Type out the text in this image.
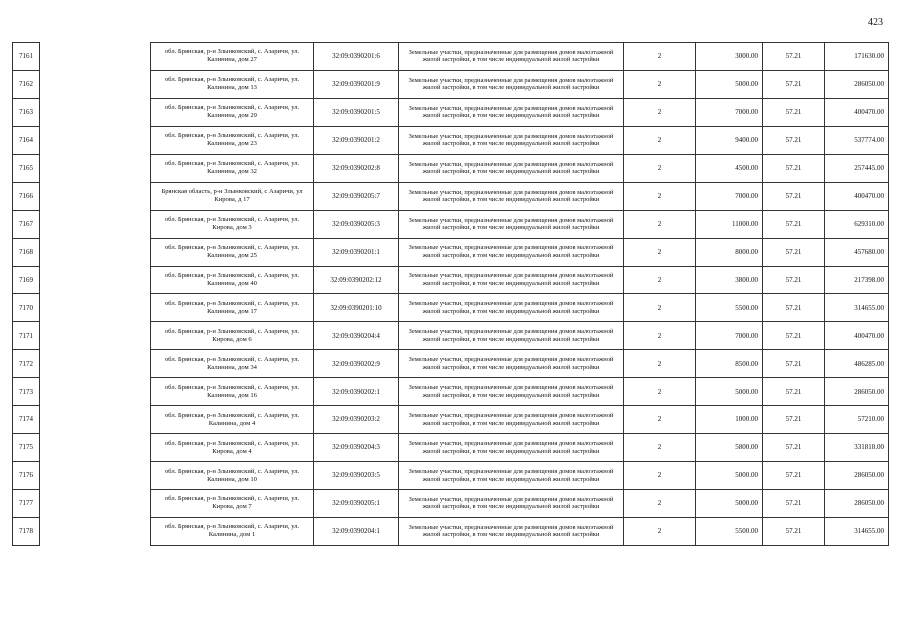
423
7161		обл. Брянская, р-н Злынковский, с. Азаричи, ул. Калинина, дом 27	32:09:0390201:6	Земельные участки, предназначенные для размещения домов малоэтажной жилой застройки, в том числе индивидуальной жилой застройки	2	3000.00	57.21	171630.00
7162		обл. Брянская, р-н Злынковский, с. Азаричи, ул. Калинина, дом 13	32:09:0390201:9	Земельные участки, предназначенные для размещения домов малоэтажной жилой застройки, в том числе индивидуальной жилой застройки	2	5000.00	57.21	286050.00
7163		обл. Брянская, р-н Злынковский, с. Азаричи, ул. Калинина, дом 29	32:09:0390201:5	Земельные участки, предназначенные для размещения домов малоэтажной жилой застройки, в том числе индивидуальной жилой застройки	2	7000.00	57.21	400470.00
7164		обл. Брянская, р-н Злынковский, с. Азаричи, ул. Калинина, дом 23	32:09:0390201:2	Земельные участки, предназначенные для размещения домов малоэтажной жилой застройки, в том числе индивидуальной жилой застройки	2	9400.00	57.21	537774.00
7165		обл. Брянская, р-н Злынковский, с. Азаричи, ул. Калинина, дом 32	32:09:0390202:8	Земельные участки, предназначенные для размещения домов малоэтажной жилой застройки, в том числе индивидуальной жилой застройки	2	4500.00	57.21	257445.00
7166		Брянская область, р-н Злынковский, с Азаричи, ул Кирова, д 17	32:09:0390205:7	Земельные участки, предназначенные для размещения домов малоэтажной жилой застройки, в том числе индивидуальной жилой застройки	2	7000.00	57.21	400470.00
7167		обл. Брянская, р-н Злынковский, с. Азаричи, ул. Кирова, дом 3	32:09:0390205:3	Земельные участки, предназначенные для размещения домов малоэтажной жилой застройки, в том числе индивидуальной жилой застройки	2	11000.00	57.21	629310.00
7168		обл. Брянская, р-н Злынковский, с. Азаричи, ул. Калинина, дом 25	32:09:0390201:1	Земельные участки, предназначенные для размещения домов малоэтажной жилой застройки, в том числе индивидуальной жилой застройки	2	8000.00	57.21	457680.00
7169		обл. Брянская, р-н Злынковский, с. Азаричи, ул. Калинина, дом 40	32:09:0390202:12	Земельные участки, предназначенные для размещения домов малоэтажной жилой застройки, в том числе индивидуальной жилой застройки	2	3800.00	57.21	217398.00
7170		обл. Брянская, р-н Злынковский, с. Азаричи, ул. Калинина, дом 17	32:09:0390201:10	Земельные участки, предназначенные для размещения домов малоэтажной жилой застройки, в том числе индивидуальной жилой застройки	2	5500.00	57.21	314655.00
7171		обл. Брянская, р-н Злынковский, с. Азаричи, ул. Кирова, дом 6	32:09:0390204:4	Земельные участки, предназначенные для размещения домов малоэтажной жилой застройки, в том числе индивидуальной жилой застройки	2	7000.00	57.21	400470.00
7172		обл. Брянская, р-н Злынковский, с. Азаричи, ул. Калинина, дом 34	32:09:0390202:9	Земельные участки, предназначенные для размещения домов малоэтажной жилой застройки, в том числе индивидуальной жилой застройки	2	8500.00	57.21	486285.00
7173		обл. Брянская, р-н Злынковский, с. Азаричи, ул. Калинина, дом 16	32:09:0390202:1	Земельные участки, предназначенные для размещения домов малоэтажной жилой застройки, в том числе индивидуальной жилой застройки	2	5000.00	57.21	286050.00
7174		обл. Брянская, р-н Злынковский, с. Азаричи, ул. Калинина, дом 4	32:09:0390203:2	Земельные участки, предназначенные для размещения домов малоэтажной жилой застройки, в том числе индивидуальной жилой застройки	2	1000.00	57.21	57210.00
7175		обл. Брянская, р-н Злынковский, с. Азаричи, ул. Кирова, дом 4	32:09:0390204:3	Земельные участки, предназначенные для размещения домов малоэтажной жилой застройки, в том числе индивидуальной жилой застройки	2	5800.00	57.21	331818.00
7176		обл. Брянская, р-н Злынковский, с. Азаричи, ул. Калинина, дом 10	32:09:0390203:5	Земельные участки, предназначенные для размещения домов малоэтажной жилой застройки, в том числе индивидуальной жилой застройки	2	5000.00	57.21	286050.00
7177		обл. Брянская, р-н Злынковский, с. Азаричи, ул. Кирова, дом 7	32:09:0390205:1	Земельные участки, предназначенные для размещения домов малоэтажной жилой застройки, в том числе индивидуальной жилой застройки	2	5000.00	57.21	286050.00
7178		обл. Брянская, р-н Злынковский, с. Азаричи, ул. Калинина, дом 1	32:09:0390204:1	Земельные участки, предназначенные для размещения домов малоэтажной жилой застройки, в том числе индивидуальной жилой застройки	2	5500.00	57.21	314655.00
